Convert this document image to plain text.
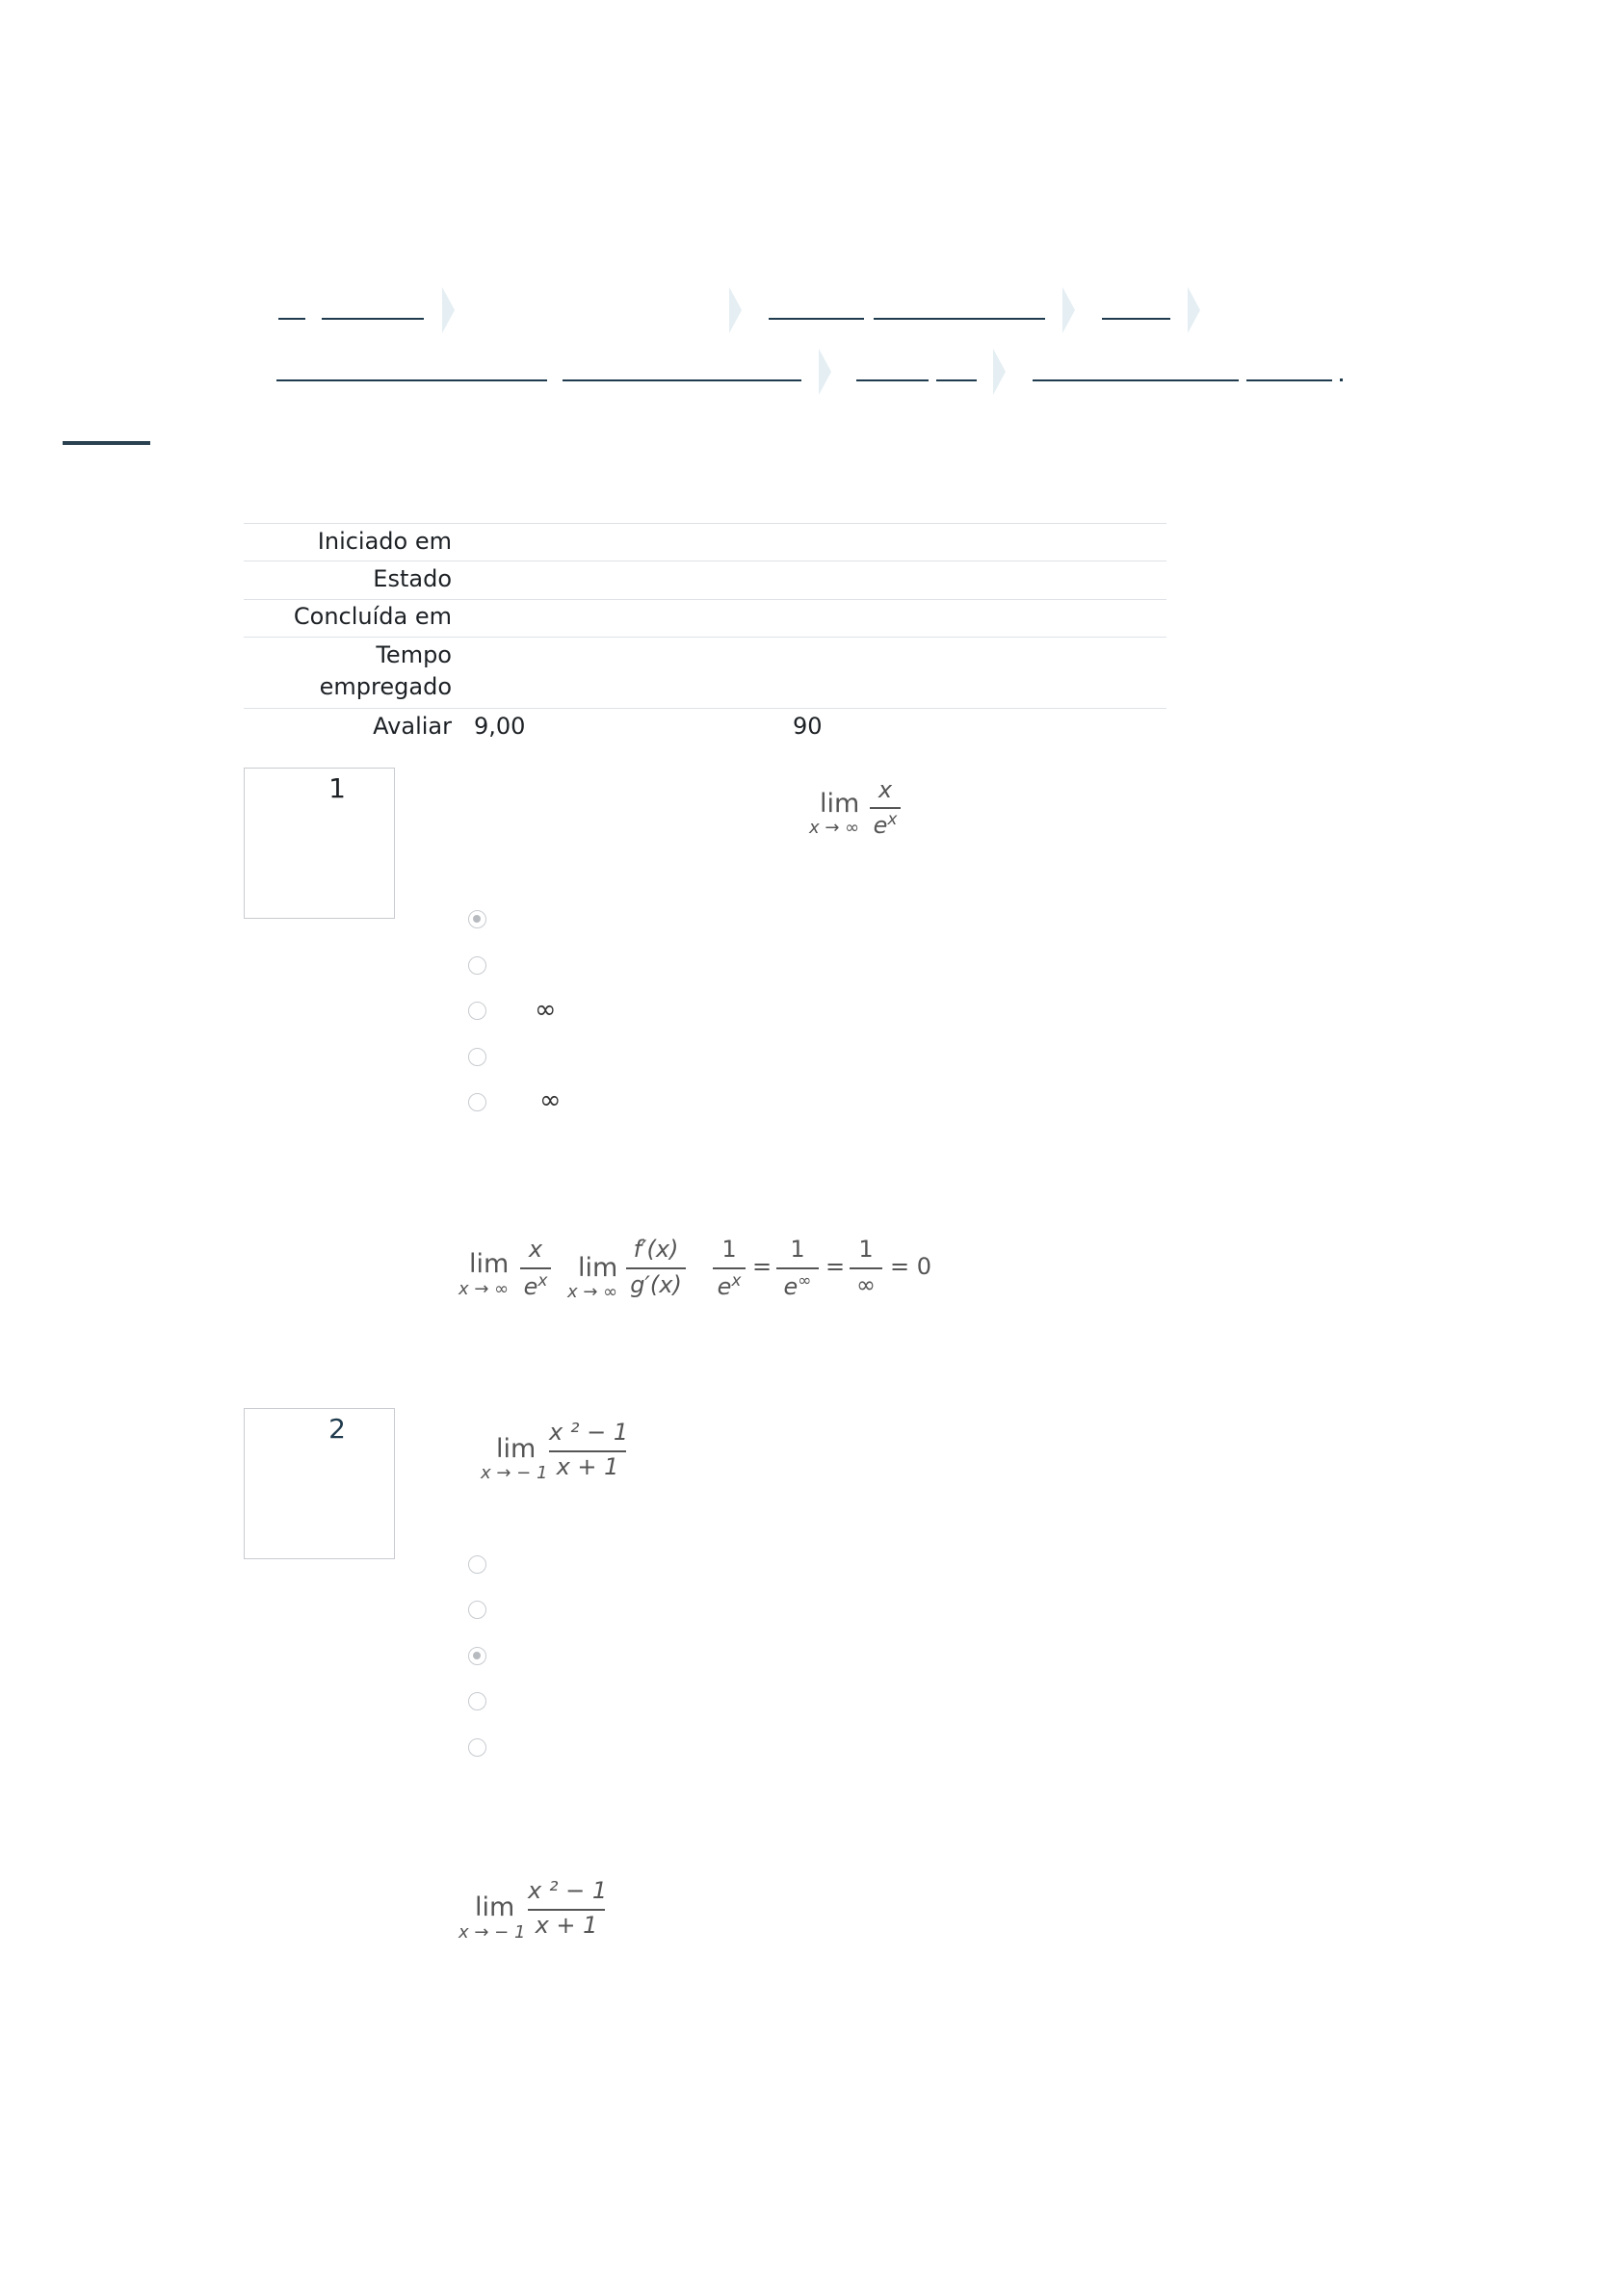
Iniciado em
Estado
Concluída em
Tempo
empregado
Avaliar 9,00	90
1	lim
x → ∞
x
$e^x$
∞
∞
lim
x → ∞
x
$e^x$ lim
x → ∞
f′(x)
g′(x)
1
$e^x$
=
1
e∞
=
1
∞
= 0
2
lim
x → − 1
x ² − 1
x + 1
lim
x → − 1
x ² − 1
x + 1
